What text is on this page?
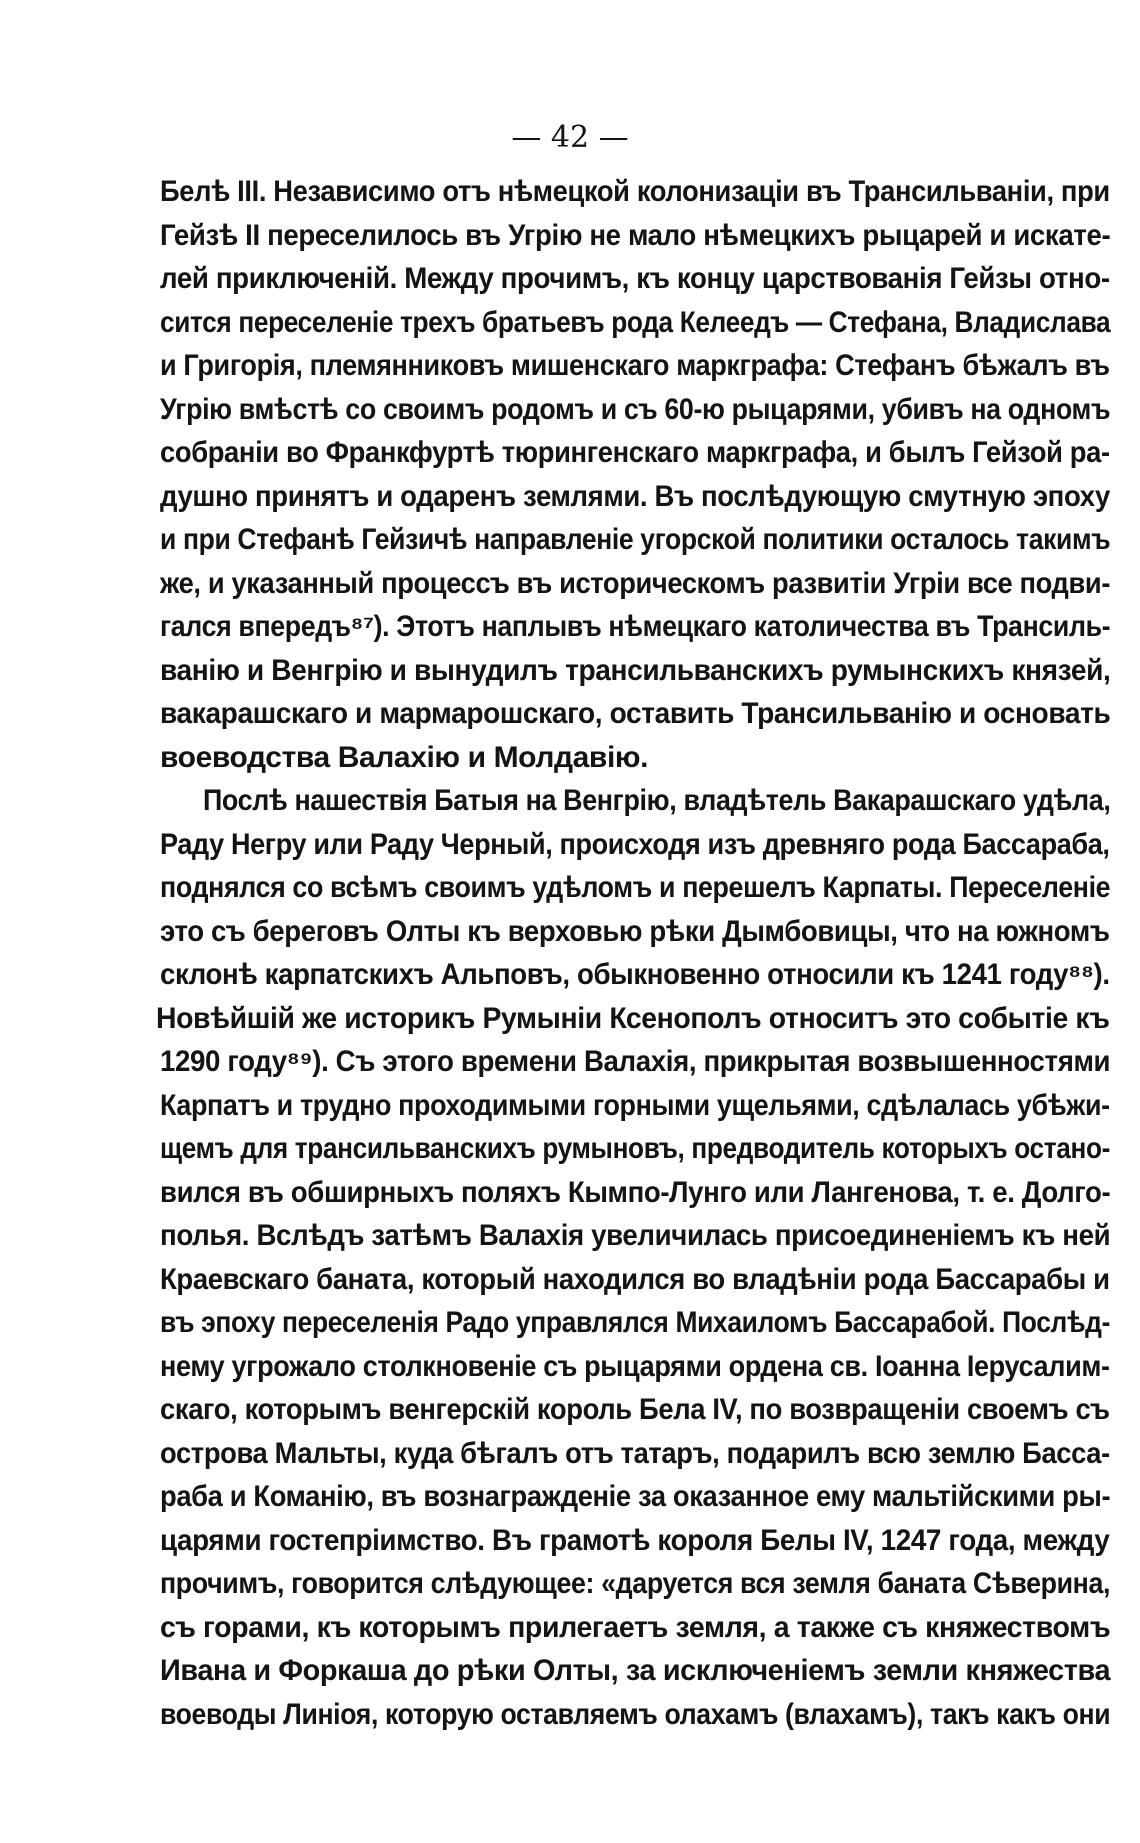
— 42 —
Белѣ III. Независимо отъ нѣмецкой колонизаціи въ Трансильваніи, при
Гейзѣ II переселилось въ Угрію не мало нѣмецкихъ рыцарей и искате-
лей приключеній. Между прочимъ, къ концу царствованія Гейзы отно-
сится переселеніе трехъ братьевъ рода Келеедъ — Стефана, Владислава
и Григорія, племянниковъ мишенскаго маркграфа: Стефанъ бѣжалъ въ
Угрію вмѣстѣ со своимъ родомъ и съ 60-ю рыцарями, убивъ на одномъ
собраніи во Франкфуртѣ тюрингенскаго маркграфа, и былъ Гейзой ра-
душно принятъ и одаренъ землями. Въ послѣдующую смутную эпоху
и при Стефанѣ Гейзичѣ направленіе угорской политики осталось такимъ
же, и указанный процессъ въ историческомъ развитіи Угріи все подви-
гался впередъ⁸⁷). Этотъ наплывъ нѣмецкаго католичества въ Трансиль-
ванію и Венгрію и вынудилъ трансильванскихъ румынскихъ князей,
вакарашскаго и мармарошскаго, оставить Трансильванію и основать
воеводства Валахію и Молдавію.
Послѣ нашествія Батыя на Венгрію, владѣтель Вакарашскаго удѣла,
Раду Негру или Раду Черный, происходя изъ древняго рода Бассараба,
поднялся со всѣмъ своимъ удѣломъ и перешелъ Карпаты. Переселеніе
это съ береговъ Олты къ верховью рѣки Дымбовицы, что на южномъ
склонѣ карпатскихъ Альповъ, обыкновенно относили къ 1241 году⁸⁸).
Новѣйшій же историкъ Румыніи Ксенополъ относитъ это событіе къ
1290 году⁸⁹). Съ этого времени Валахія, прикрытая возвышенностями
Карпатъ и трудно проходимыми горными ущельями, сдѣлалась убѣжи-
щемъ для трансильванскихъ румыновъ, предводитель которыхъ остано-
вился въ обширныхъ поляхъ Кымпо-Лунго или Лангенова, т. е. Долго-
полья. Вслѣдъ затѣмъ Валахія увеличилась присоединеніемъ къ ней
Краевскаго баната, который находился во владѣніи рода Бассарабы и
въ эпоху переселенія Радо управлялся Михаиломъ Бассарабой. Послѣд-
нему угрожало столкновеніе съ рыцарями ордена св. Іоанна Іерусалим-
скаго, которымъ венгерскій король Бела IV, по возвращеніи своемъ съ
острова Мальты, куда бѣгалъ отъ татаръ, подарилъ всю землю Басса-
раба и Команію, въ вознагражденіе за оказанное ему мальтійскими ры-
царями гостепріимство. Въ грамотѣ короля Белы IV, 1247 года, между
прочимъ, говорится слѣдующее: «даруется вся земля баната Сѣверина,
съ горами, къ которымъ прилегаетъ земля, а также съ княжествомъ
Ивана и Форкаша до рѣки Олты, за исключеніемъ земли княжества
воеводы Линіоя, которую оставляемъ олахамъ (влахамъ), такъ какъ они
